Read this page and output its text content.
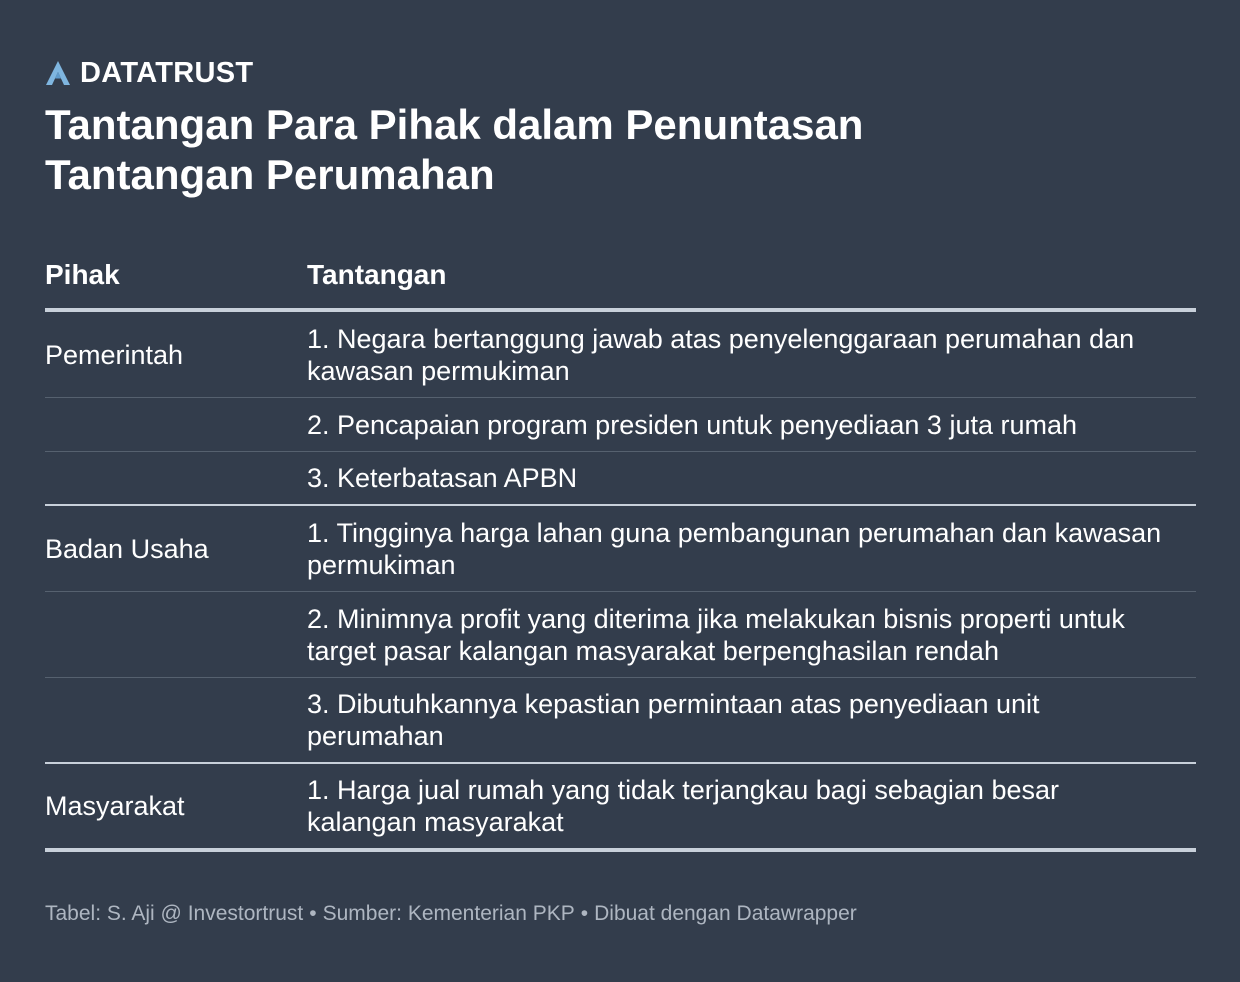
DATATRUST
Tantangan Para Pihak dalam Penuntasan
Tantangan Perumahan
Pihak	Tantangan
Pemerintah
1. Negara bertanggung jawab atas penyelenggaraan perumahan dan
kawasan permukiman
2. Pencapaian program presiden untuk penyediaan 3 juta rumah
3. Keterbatasan APBN
Badan Usaha
1. Tingginya harga lahan guna pembangunan perumahan dan kawasan
permukiman
2. Minimnya profit yang diterima jika melakukan bisnis properti untuk
target pasar kalangan masyarakat berpenghasilan rendah
3. Dibutuhkannya kepastian permintaan atas penyediaan unit
perumahan
Masyarakat
1. Harga jual rumah yang tidak terjangkau bagi sebagian besar
kalangan masyarakat
Tabel: S. Aji @ Investortrust • Sumber: Kementerian PKP • Dibuat dengan Datawrapper
